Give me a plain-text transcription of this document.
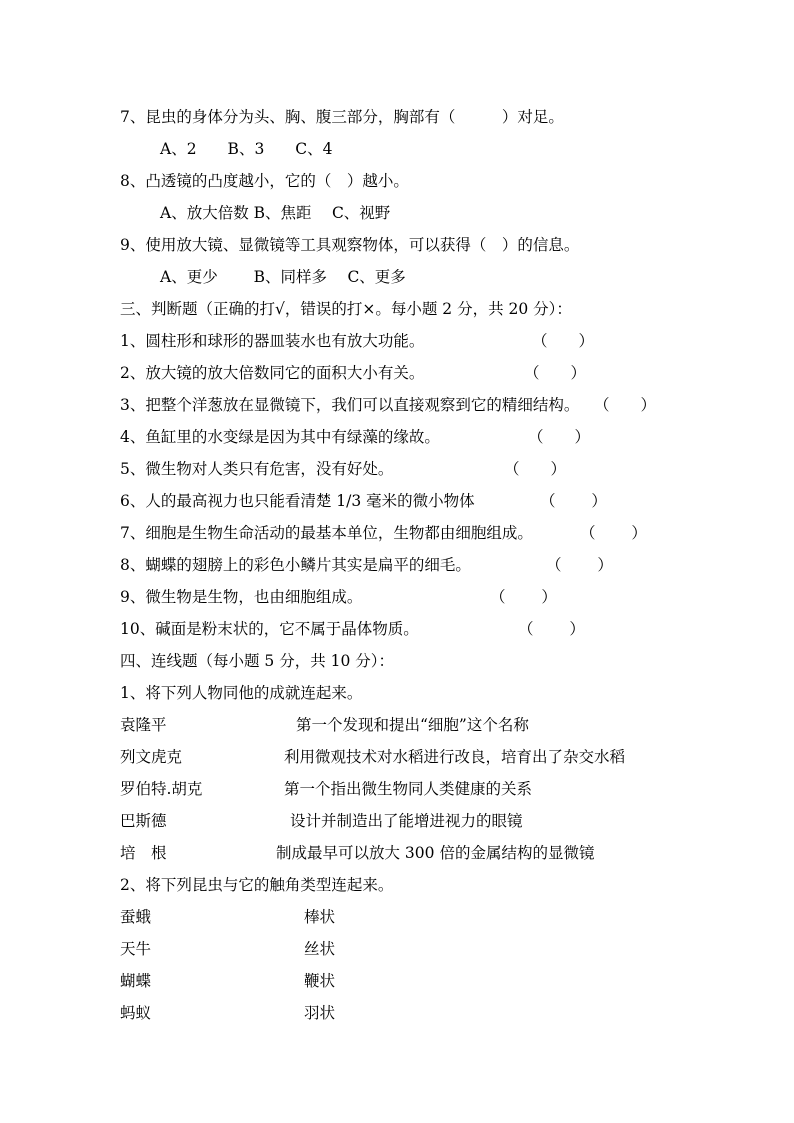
7、昆虫的身体分为头、胸、腹三部分，胸部有（　　　）对足。
A、2　　B、3　　C、4
8、凸透镜的凸度越小，它的（　）越小。
A、放大倍数 B、焦距　 C、视野
9、使用放大镜、显微镜等工具观察物体，可以获得（　）的信息。
A、更少　　 B、同样多　 C、更多
三、判断题（正确的打√，错误的打×。每小题 2 分，共 20 分）：
1、圆柱形和球形的器皿装水也有放大功能。	（　　）
2、放大镜的放大倍数同它的面积大小有关。	（　　）
3、把整个洋葱放在显微镜下，我们可以直接观察到它的精细结构。 （　　）
4、鱼缸里的水变绿是因为其中有绿藻的缘故。	（　　）
5、微生物对人类只有危害，没有好处。	（　　）
6、人的最高视力也只能看清楚 1/3 毫米的微小物体	（　　 ）
7、细胞是生物生命活动的最基本单位，生物都由细胞组成。	（　　 ）
8、蝴蝶的翅膀上的彩色小鳞片其实是扁平的细毛。	（　　 ）
9、微生物是生物，也由细胞组成。	（　　 ）
10、碱面是粉末状的，它不属于晶体物质。	（　　 ）
四、连线题（每小题 5 分，共 10 分）：
1、将下列人物同他的成就连起来。
袁隆平	第一个发现和提出“细胞”这个名称
列文虎克	利用微观技术对水稻进行改良，培育出了杂交水稻
罗伯特.胡克	第一个指出微生物同人类健康的关系
巴斯德	设计并制造出了能增进视力的眼镜
培　根	制成最早可以放大 300 倍的金属结构的显微镜
2、将下列昆虫与它的触角类型连起来。
蚕蛾	棒状
天牛	丝状
蝴蝶	鞭状
蚂蚁	羽状
